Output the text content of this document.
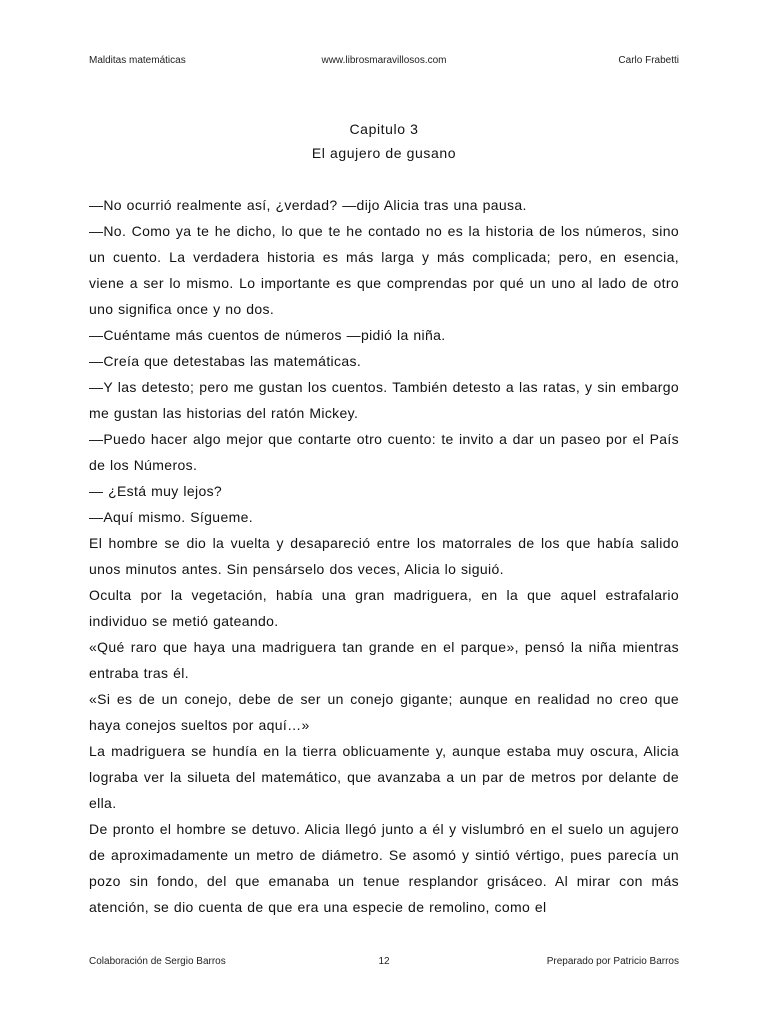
Malditas matemáticas	www.librosmaravillosos.com	Carlo Frabetti
Capitulo 3
El agujero de gusano

—No ocurrió realmente así, ¿verdad? —dijo Alicia tras una pausa.

—No. Como ya te he dicho, lo que te he contado no es la historia de los números, sino un cuento. La verdadera historia es más larga y más complicada; pero, en esencia, viene a ser lo mismo. Lo importante es que comprendas por qué un uno al lado de otro uno significa once y no dos.

—Cuéntame más cuentos de números —pidió la niña.

—Creía que detestabas las matemáticas.

—Y las detesto; pero me gustan los cuentos. También detesto a las ratas, y sin embargo me gustan las historias del ratón Mickey.

—Puedo hacer algo mejor que contarte otro cuento: te invito a dar un paseo por el País de los Números.

— ¿Está muy lejos?

—Aquí mismo. Sígueme.

El hombre se dio la vuelta y desapareció entre los matorrales de los que había salido unos minutos antes. Sin pensárselo dos veces, Alicia lo siguió.

Oculta por la vegetación, había una gran madriguera, en la que aquel estrafalario individuo se metió gateando.

«Qué raro que haya una madriguera tan grande en el parque», pensó la niña mientras entraba tras él.

«Si es de un conejo, debe de ser un conejo gigante; aunque en realidad no creo que haya conejos sueltos por aquí…»

La madriguera se hundía en la tierra oblicuamente y, aunque estaba muy oscura, Alicia lograba ver la silueta del matemático, que avanzaba a un par de metros por delante de ella.

De pronto el hombre se detuvo. Alicia llegó junto a él y vislumbró en el suelo un agujero de aproximadamente un metro de diámetro. Se asomó y sintió vértigo, pues parecía un pozo sin fondo, del que emanaba un tenue resplandor grisáceo. Al mirar con más atención, se dio cuenta de que era una especie de remolino, como el

Colaboración de Sergio Barros	12	Preparado por Patricio Barros
